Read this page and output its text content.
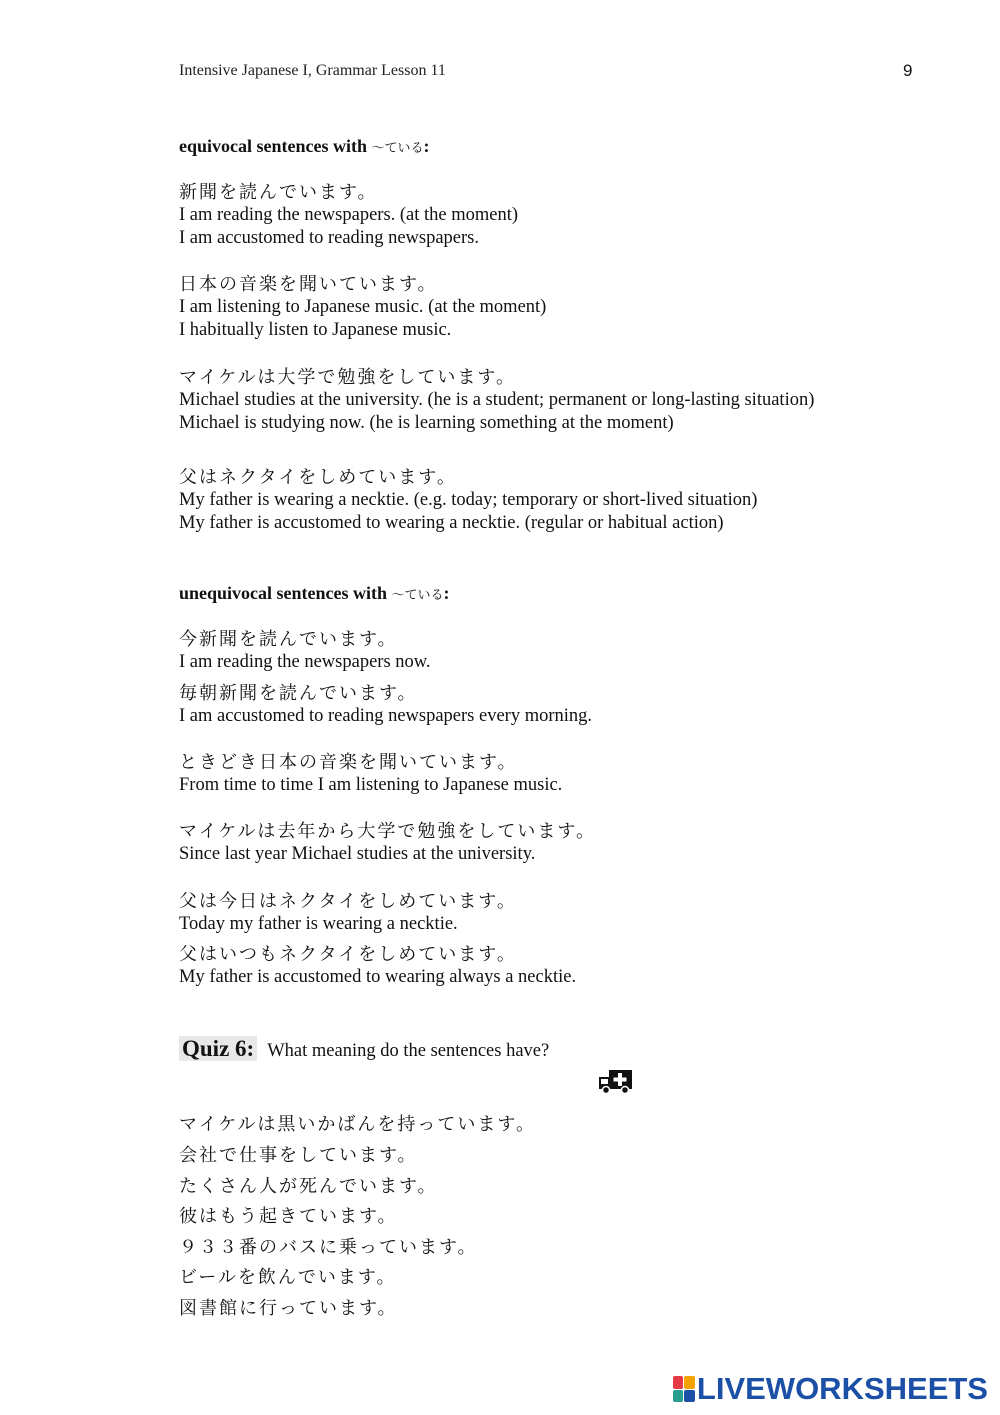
Intensive Japanese I, Grammar Lesson 11	9
equivocal sentences with ～ている:
新聞を読んでいます。
I am reading the newspapers. (at the moment)
I am accustomed to reading newspapers.
日本の音楽を聞いています。
I am listening to Japanese music. (at the moment)
I habitually listen to Japanese music.
マイケルは大学で勉強をしています。
Michael studies at the university. (he is a student; permanent or long-lasting situation)
Michael is studying now. (he is learning something at the moment)
父はネクタイをしめています。
My father is wearing a necktie. (e.g. today; temporary or short-lived situation)
My father is accustomed to wearing a necktie. (regular or habitual action)
unequivocal sentences with ～ている:
今新聞を読んでいます。
I am reading the newspapers now.
毎朝新聞を読んでいます。
I am accustomed to reading newspapers every morning.
ときどき日本の音楽を聞いています。
From time to time I am listening to Japanese music.
マイケルは去年から大学で勉強をしています。
Since last year Michael studies at the university.
父は今日はネクタイをしめています。
Today my father is wearing a necktie.
父はいつもネクタイをしめています。
My father is accustomed to wearing always a necktie.
Quiz 6: What meaning do the sentences have?
マイケルは黒いかばんを持っています。
会社で仕事をしています。
たくさん人が死んでいます。
彼はもう起きています。
９３３番のバスに乗っています。
ビールを飲んでいます。
図書館に行っています。
LIVEWORKSHEETS
